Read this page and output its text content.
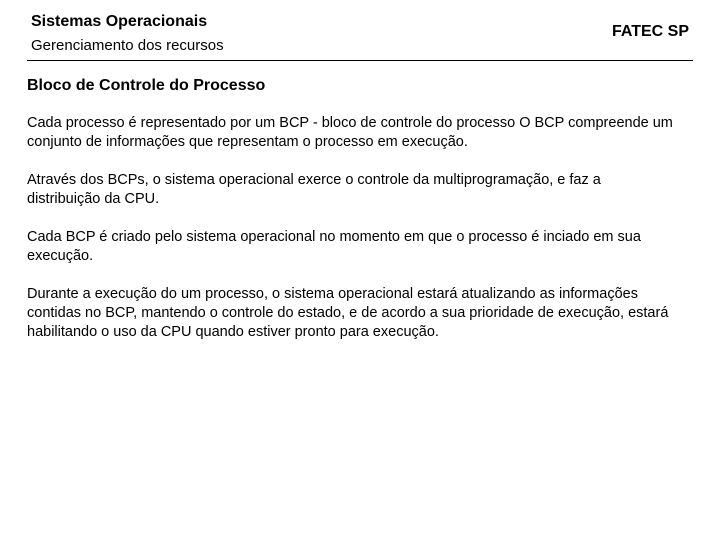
Sistemas Operacionais
Gerenciamento dos recursos
FATEC SP
Bloco de Controle do Processo

Cada processo é representado por um BCP - bloco de controle do processo O BCP compreende um conjunto de informações que representam o processo em execução.

Através dos BCPs, o sistema operacional exerce o controle da multiprogramação, e faz a distribuição da CPU.

Cada BCP é criado pelo sistema operacional no momento em que o processo é inciado em sua execução.

Durante a execução do um processo, o sistema operacional estará atualizando as informações contidas no BCP, mantendo o controle do estado, e de acordo a sua prioridade de execução, estará habilitando o uso da CPU quando estiver pronto para execução.
